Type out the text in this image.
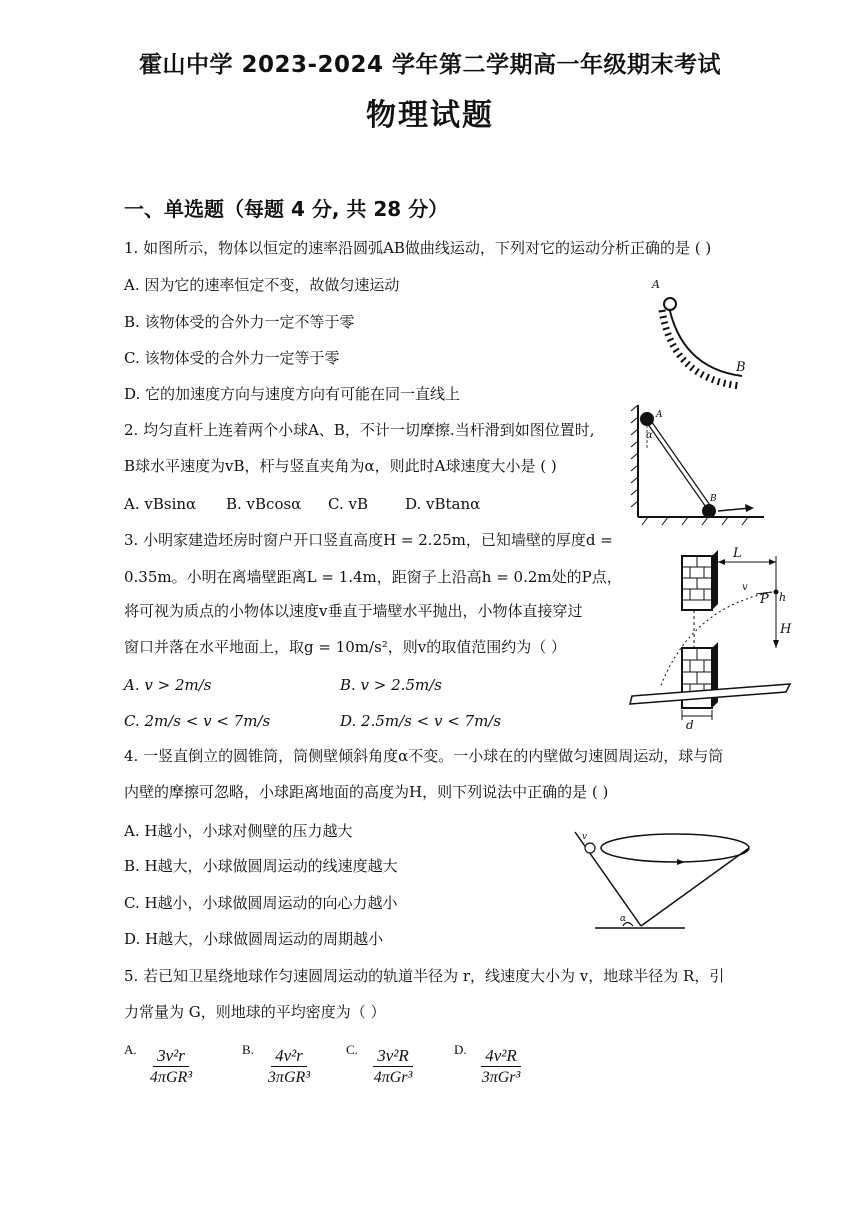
霍山中学 2023-2024 学年第二学期高一年级期末考试
物理试题
一、单选题（每题 4 分, 共 28 分）
1. 如图所示，物体以恒定的速率沿圆弧AB做曲线运动，下列对它的运动分析正确的是 ( )
A. 因为它的速率恒定不变，故做匀速运动
B. 该物体受的合外力一定不等于零
C. 该物体受的合外力一定等于零
D. 它的加速度方向与速度方向有可能在同一直线上
A
B
2. 均匀直杆上连着两个小球A、B，不计一切摩擦.当杆滑到如图位置时,
B球水平速度为vB，杆与竖直夹角为α，则此时A球速度大小是 ( )
A. vBsinα B. vBcosα C. vB D. vBtanα
A
α
B
3. 小明家建造坯房时窗户开口竖直高度H = 2.25m，已知墙壁的厚度d =
0.35m。小明在离墙壁距离L = 1.4m，距窗子上沿高h = 0.2m处的P点，
将可视为质点的小物体以速度v垂直于墙壁水平抛出，小物体直接穿过
窗口并落在水平地面上，取g = 10m/s²，则v的取值范围约为（ ）
A. v > 2m/s	B. v > 2.5m/s
C. 2m/s < v < 7m/s	D. 2.5m/s < v < 7m/s
L
P h
H
d
v
4. 一竖直倒立的圆锥筒，筒侧壁倾斜角度α不变。一小球在的内壁做匀速圆周运动，球与筒
内壁的摩擦可忽略，小球距离地面的高度为H，则下列说法中正确的是 ( )
A. H越小，小球对侧壁的压力越大
B. H越大，小球做圆周运动的线速度越大
C. H越小，小球做圆周运动的向心力越小
D. H越大，小球做圆周运动的周期越小
v
α
5. 若已知卫星绕地球作匀速圆周运动的轨道半径为 r，线速度大小为 v，地球半径为 R，引
力常量为 G，则地球的平均密度为（ ）
A.	3v²r
4πGR³
B.	4v²r
3πGR³
C.	3v²R
4πGr³
D.	4v²R
3πGr³
